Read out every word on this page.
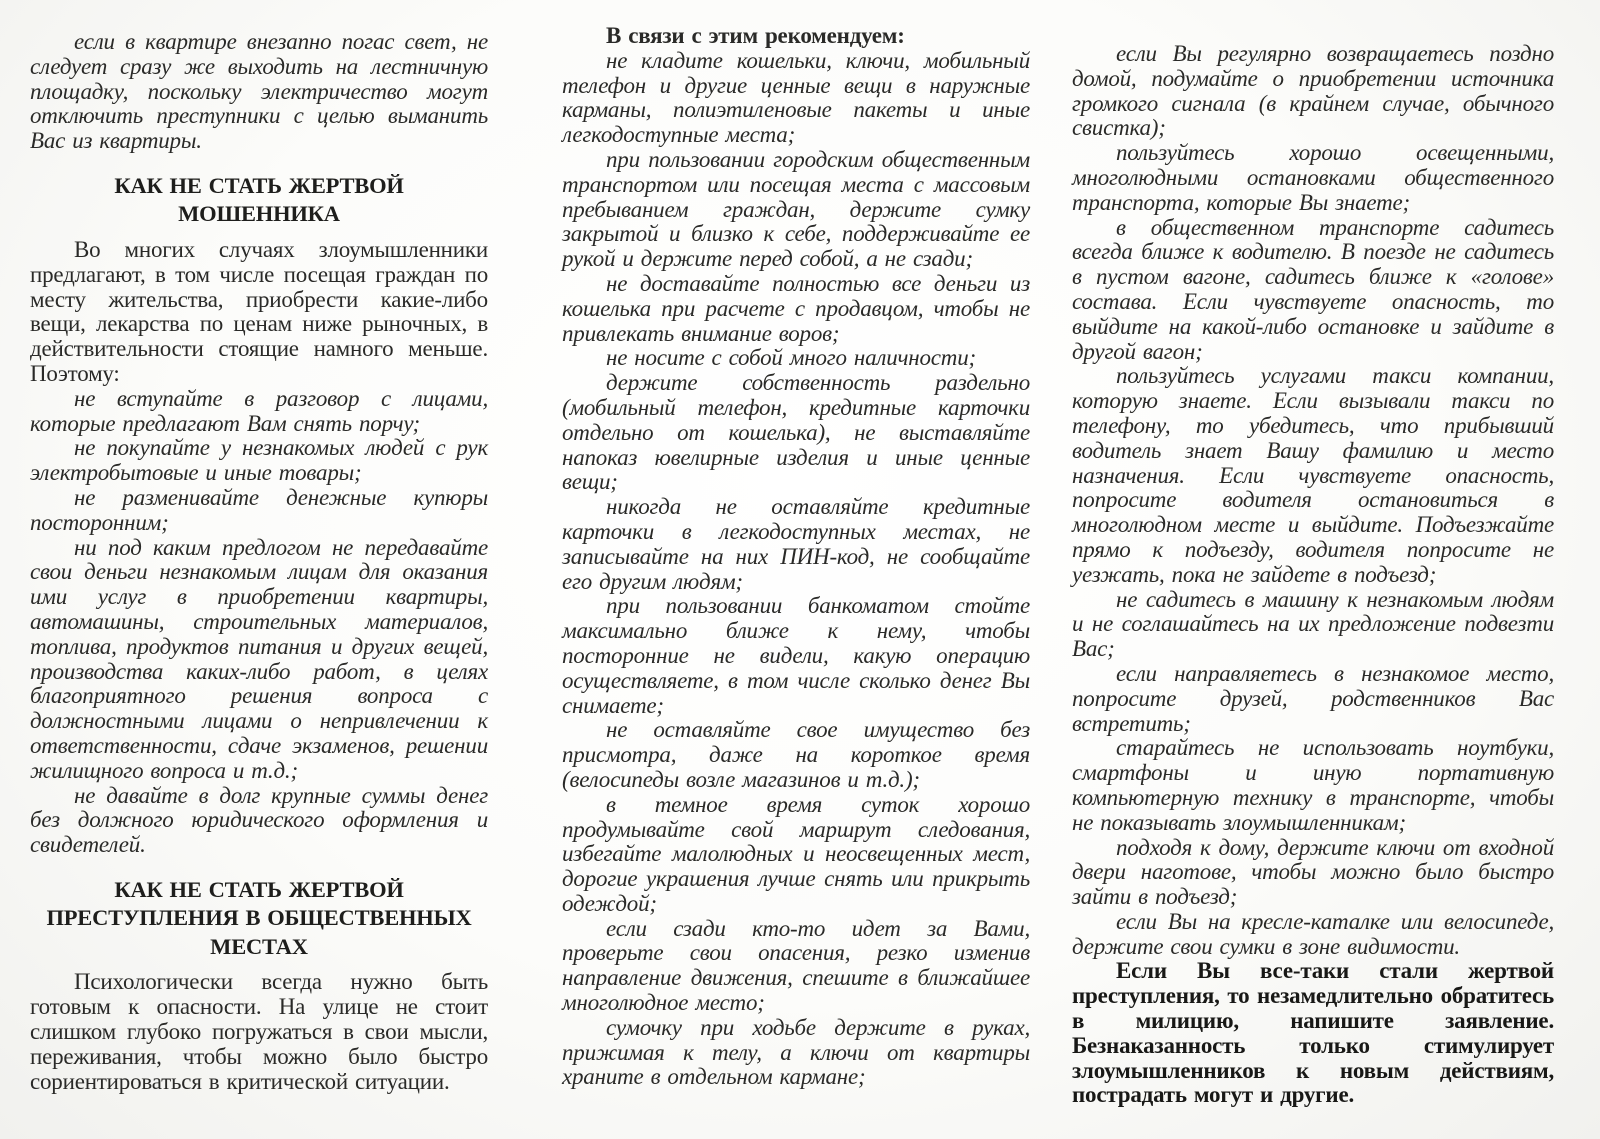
если в квартире внезапно погас свет, не следует сразу же выходить на лестничную площадку, поскольку электричество могут отключить преступники с целью выманить Вас из квартиры.

КАК НЕ СТАТЬ ЖЕРТВОЙ МОШЕННИКА

Во многих случаях злоумышленники предлагают, в том числе посещая граждан по месту жительства, приобрести какие-либо вещи, лекарства по ценам ниже рыночных, в действительности стоящие намного меньше. Поэтому:

не вступайте в разговор с лицами, которые предлагают Вам снять порчу;

не покупайте у незнакомых людей с рук электробытовые и иные товары;

не разменивайте денежные купюры посторонним;

ни под каким предлогом не передавайте свои деньги незнакомым лицам для оказания ими услуг в приобретении квартиры, автомашины, строительных материалов, топлива, продуктов питания и других вещей, производства каких-либо работ, в целях благоприятного решения вопроса с должностными лицами о непривлечении к ответственности, сдаче экзаменов, решении жилищного вопроса и т.д.;

не давайте в долг крупные суммы денег без должного юридического оформления и свидетелей.

КАК НЕ СТАТЬ ЖЕРТВОЙ ПРЕСТУПЛЕНИЯ В ОБЩЕСТВЕННЫХ МЕСТАХ

Психологически всегда нужно быть готовым к опасности. На улице не стоит слишком глубоко погружаться в свои мысли, переживания, чтобы можно было быстро сориентироваться в критической ситуации.

В связи с этим рекомендуем:

не кладите кошельки, ключи, мобильный телефон и другие ценные вещи в наружные карманы, полиэтиленовые пакеты и иные легкодоступные места;

при пользовании городским общественным транспортом или посещая места с массовым пребыванием граждан, держите сумку закрытой и близко к себе, поддерживайте ее рукой и держите перед собой, а не сзади;

не доставайте полностью все деньги из кошелька при расчете с продавцом, чтобы не привлекать внимание воров;

не носите с собой много наличности;

держите собственность раздельно (мобильный телефон, кредитные карточки отдельно от кошелька), не выставляйте напоказ ювелирные изделия и иные ценные вещи;

никогда не оставляйте кредитные карточки в легкодоступных местах, не записывайте на них ПИН-код, не сообщайте его другим людям;

при пользовании банкоматом стойте максимально ближе к нему, чтобы посторонние не видели, какую операцию осуществляете, в том числе сколько денег Вы снимаете;

не оставляйте свое имущество без присмотра, даже на короткое время (велосипеды возле магазинов и т.д.);

в темное время суток хорошо продумывайте свой маршрут следования, избегайте малолюдных и неосвещенных мест, дорогие украшения лучше снять или прикрыть одеждой;

если сзади кто-то идет за Вами, проверьте свои опасения, резко изменив направление движения, спешите в ближайшее многолюдное место;

сумочку при ходьбе держите в руках, прижимая к телу, а ключи от квартиры храните в отдельном кармане;

если Вы регулярно возвращаетесь поздно домой, подумайте о приобретении источника громкого сигнала (в крайнем случае, обычного свистка);

пользуйтесь хорошо освещенными, многолюдными остановками общественного транспорта, которые Вы знаете;

в общественном транспорте садитесь всегда ближе к водителю. В поезде не садитесь в пустом вагоне, садитесь ближе к «голове» состава. Если чувствуете опасность, то выйдите на какой-либо остановке и зайдите в другой вагон;

пользуйтесь услугами такси компании, которую знаете. Если вызывали такси по телефону, то убедитесь, что прибывший водитель знает Вашу фамилию и место назначения. Если чувствуете опасность, попросите водителя остановиться в многолюдном месте и выйдите. Подъезжайте прямо к подъезду, водителя попросите не уезжать, пока не зайдете в подъезд;

не садитесь в машину к незнакомым людям и не соглашайтесь на их предложение подвезти Вас;

если направляетесь в незнакомое место, попросите друзей, родственников Вас встретить;

старайтесь не использовать ноутбуки, смартфоны и иную портативную компьютерную технику в транспорте, чтобы не показывать злоумышленникам;

подходя к дому, держите ключи от входной двери наготове, чтобы можно было быстро зайти в подъезд;

если Вы на кресле-каталке или велосипеде, держите свои сумки в зоне видимости.

Если Вы все-таки стали жертвой преступления, то незамедлительно обратитесь в милицию, напишите заявление. Безнаказанность только стимулирует злоумышленников к новым действиям, пострадать могут и другие.
